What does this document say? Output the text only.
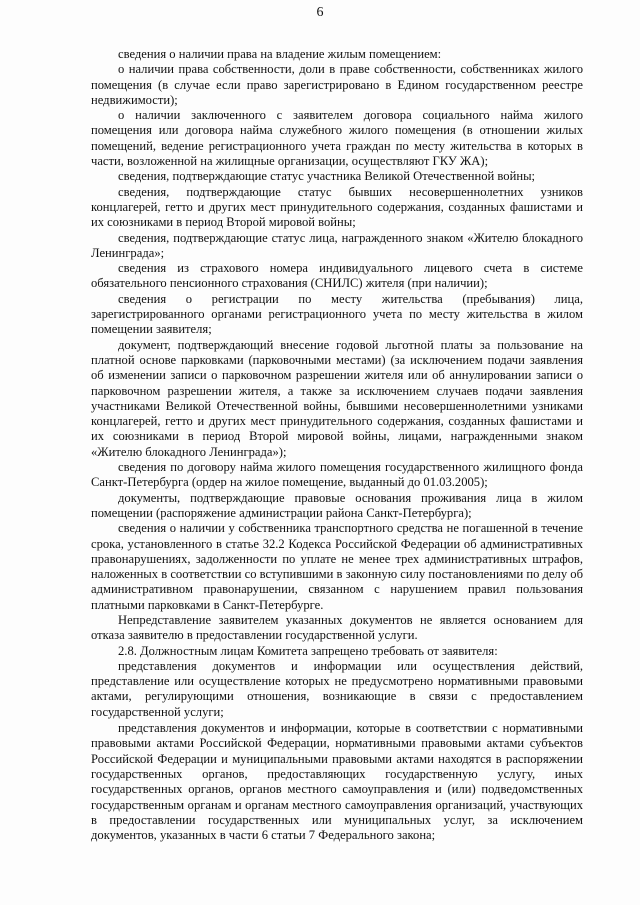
6

сведения о наличии права на владение жилым помещением:

о наличии права собственности, доли в праве собственности, собственниках жилого помещения (в случае если право зарегистрировано в Едином государственном реестре недвижимости);

о наличии заключенного с заявителем договора социального найма жилого помещения или договора найма служебного жилого помещения (в отношении жилых помещений, ведение регистрационного учета граждан по месту жительства в которых в части, возложенной на жилищные организации, осуществляют ГКУ ЖА);

сведения, подтверждающие статус участника Великой Отечественной войны;

сведения, подтверждающие статус бывших несовершеннолетних узников концлагерей, гетто и других мест принудительного содержания, созданных фашистами и их союзниками в период Второй мировой войны;

сведения, подтверждающие статус лица, награжденного знаком «Жителю блокадного Ленинграда»;

сведения из страхового номера индивидуального лицевого счета в системе обязательного пенсионного страхования (СНИЛС) жителя (при наличии);

сведения о регистрации по месту жительства (пребывания) лица, зарегистрированного органами регистрационного учета по месту жительства в жилом помещении заявителя;

документ, подтверждающий внесение годовой льготной платы за пользование на платной основе парковками (парковочными местами) (за исключением подачи заявления об изменении записи о парковочном разрешении жителя или об аннулировании записи о парковочном разрешении жителя, а также за исключением случаев подачи заявления участниками Великой Отечественной войны, бывшими несовершеннолетними узниками концлагерей, гетто и других мест принудительного содержания, созданных фашистами и их союзниками в период Второй мировой войны, лицами, награжденными знаком «Жителю блокадного Ленинграда»);

сведения по договору найма жилого помещения государственного жилищного фонда Санкт-Петербурга (ордер на жилое помещение, выданный до 01.03.2005);

документы, подтверждающие правовые основания проживания лица в жилом помещении (распоряжение администрации района Санкт-Петербурга);

сведения о наличии у собственника транспортного средства не погашенной в течение срока, установленного в статье 32.2 Кодекса Российской Федерации об административных правонарушениях, задолженности по уплате не менее трех административных штрафов, наложенных в соответствии со вступившими в законную силу постановлениями по делу об административном правонарушении, связанном с нарушением правил пользования платными парковками в Санкт-Петербурге.

Непредставление заявителем указанных документов не является основанием для отказа заявителю в предоставлении государственной услуги.

2.8. Должностным лицам Комитета запрещено требовать от заявителя:

представления документов и информации или осуществления действий, представление или осуществление которых не предусмотрено нормативными правовыми актами, регулирующими отношения, возникающие в связи с предоставлением государственной услуги;

представления документов и информации, которые в соответствии с нормативными правовыми актами Российской Федерации, нормативными правовыми актами субъектов Российской Федерации и муниципальными правовыми актами находятся в распоряжении государственных органов, предоставляющих государственную услугу, иных государственных органов, органов местного самоуправления и (или) подведомственных государственным органам и органам местного самоуправления организаций, участвующих в предоставлении государственных или муниципальных услуг, за исключением документов, указанных в части 6 статьи 7 Федерального закона;
